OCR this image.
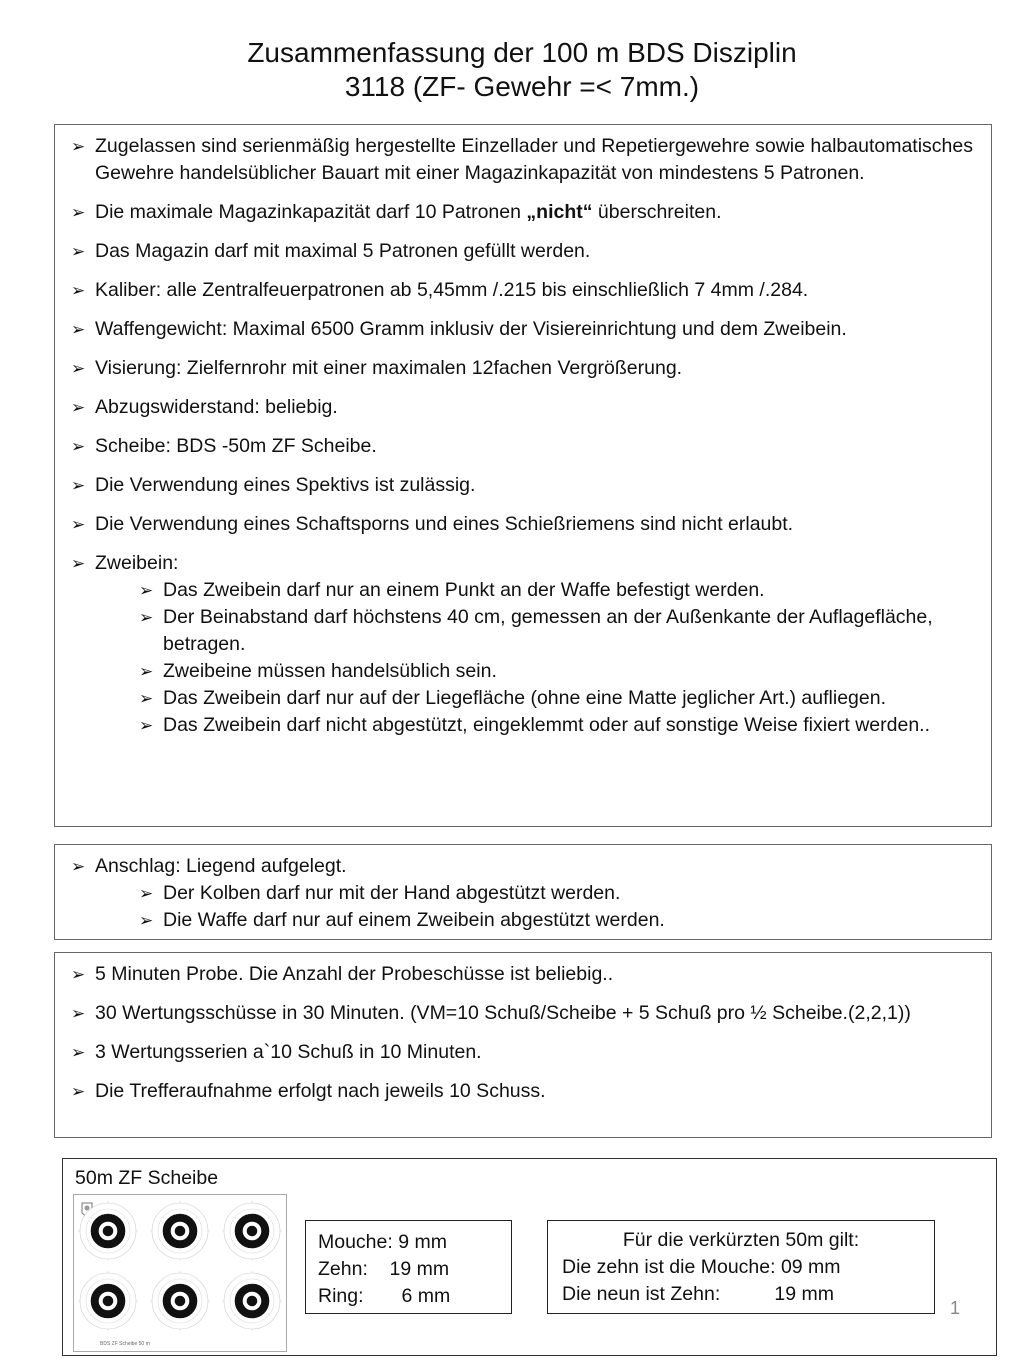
Zusammenfassung der 100 m BDS Disziplin
3118 (ZF- Gewehr =< 7mm.)
➢ Zugelassen sind serienmäßig hergestellte Einzellader und Repetiergewehre sowie halbautomatisches Gewehre handelsüblicher Bauart mit einer Magazinkapazität von mindestens 5 Patronen.
➢ Die maximale Magazinkapazität darf 10 Patronen „nicht“ überschreiten.
➢ Das Magazin darf mit maximal 5 Patronen gefüllt werden.
➢ Kaliber: alle Zentralfeuerpatronen ab 5,45mm /.215 bis einschließlich 7 4mm /.284.
➢ Waffengewicht: Maximal 6500 Gramm inklusiv der Visiereinrichtung und dem Zweibein.
➢ Visierung: Zielfernrohr mit einer maximalen 12fachen Vergrößerung.
➢ Abzugswiderstand: beliebig.
➢ Scheibe: BDS -50m ZF Scheibe.
➢ Die Verwendung eines Spektivs ist zulässig.
➢ Die Verwendung eines Schaftsporns und eines Schießriemens sind nicht erlaubt.
➢ Zweibein:
➢ Das Zweibein darf nur an einem Punkt an der Waffe befestigt werden.
➢ Der Beinabstand darf höchstens 40 cm, gemessen an der Außenkante der Auflagefläche, betragen.
➢ Zweibeine müssen handelsüblich sein.
➢ Das Zweibein darf nur auf der Liegefläche (ohne eine Matte jeglicher Art.) aufliegen.
➢ Das Zweibein darf nicht abgestützt, eingeklemmt oder auf sonstige Weise fixiert werden..
➢ Anschlag: Liegend aufgelegt.
➢ Der Kolben darf nur mit der Hand abgestützt werden.
➢ Die Waffe darf nur auf einem Zweibein abgestützt werden.
➢ 5 Minuten Probe. Die Anzahl der Probeschüsse ist beliebig..
➢ 30 Wertungsschüsse in 30 Minuten. (VM=10 Schuß/Scheibe + 5 Schuß pro ½ Scheibe.(2,2,1))
➢ 3 Wertungsserien a`10 Schuß in 10 Minuten.
➢ Die Trefferaufnahme erfolgt nach jeweils 10 Schuss.
50m ZF Scheibe
BDS ZF Scheibe 50 m
Mouche: 9 mm
Zehn:    19 mm
Ring:       6 mm
Für die verkürzten 50m gilt:
Die zehn ist die Mouche: 09 mm
Die neun ist Zehn:          19 mm
1
